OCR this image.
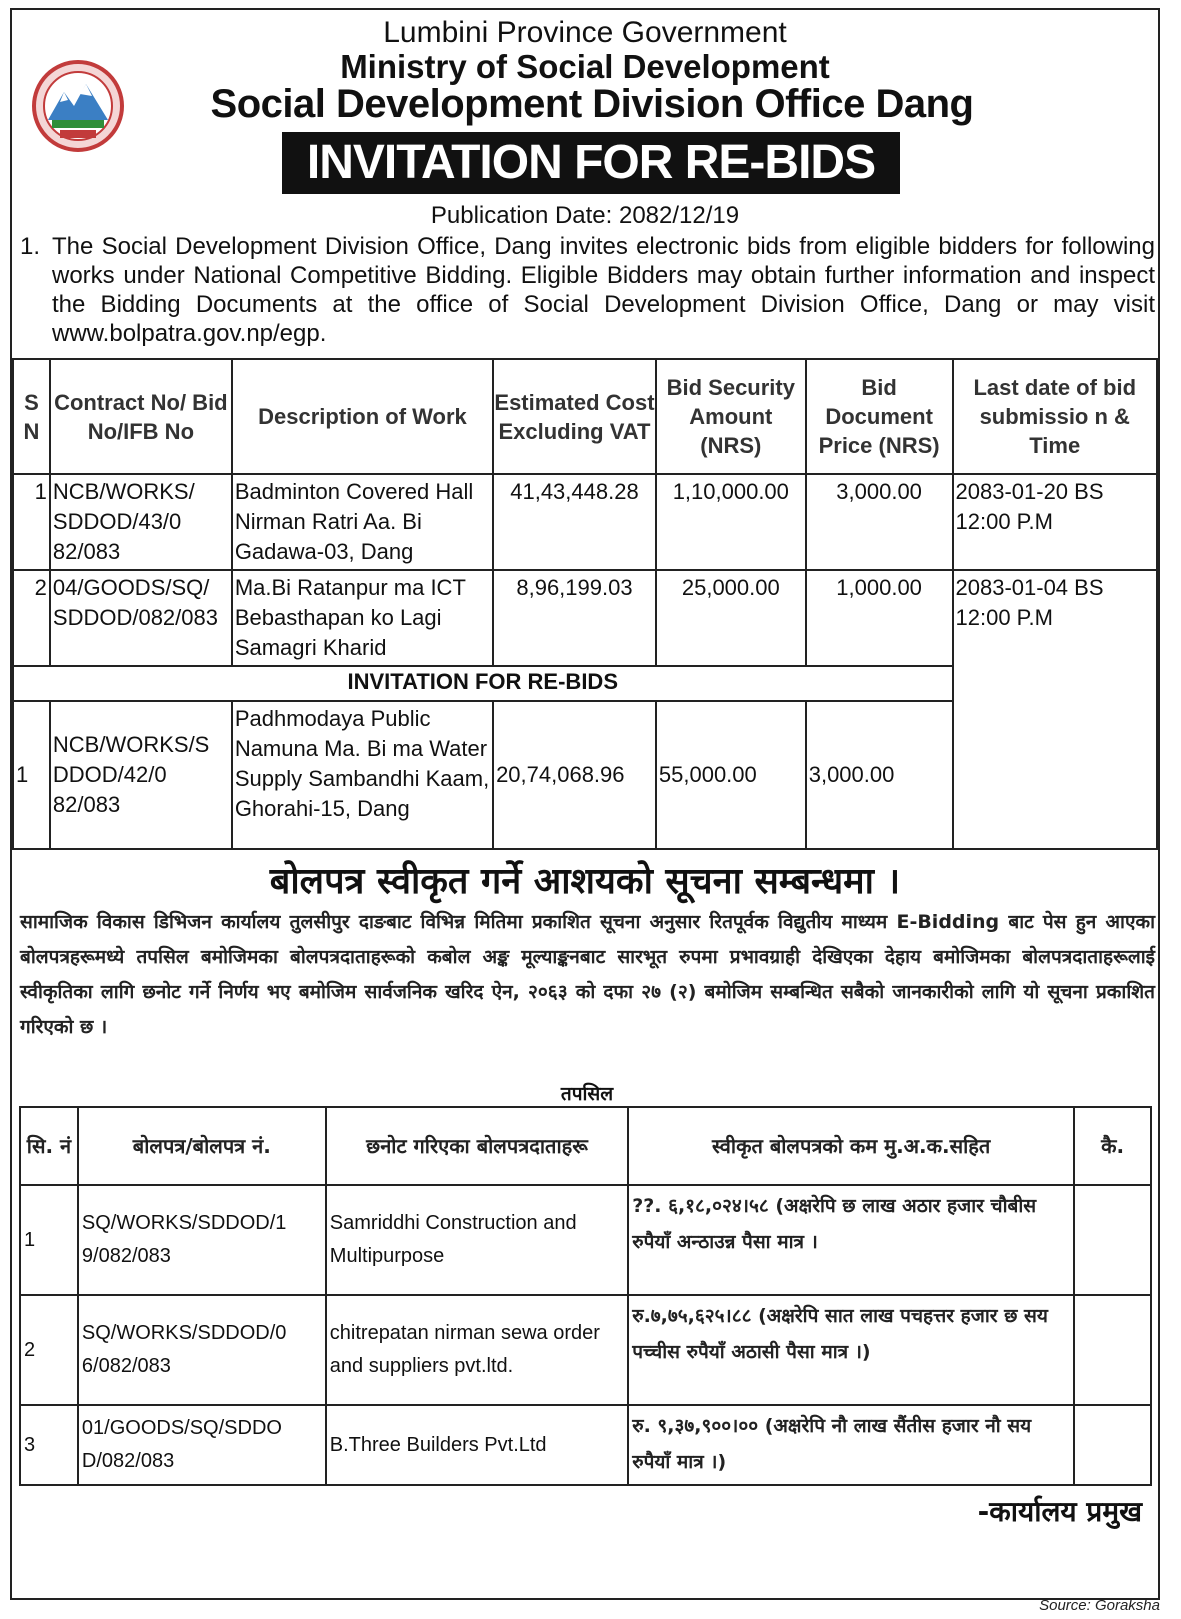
Lumbini Province Government
Ministry of Social Development
Social Development Division Office Dang
INVITATION FOR RE-BIDS
Publication Date: 2082/12/19
1. The Social Development Division Office, Dang invites electronic bids from eligible bidders for following works under National Competitive Bidding. Eligible Bidders may obtain further information and inspect the Bidding Documents at the office of Social Development Division Office, Dang or may visit www.bolpatra.gov.np/egp.
S N	Contract No/ Bid No/IFB No	Description of Work	Estimated Cost Excluding VAT	Bid Security Amount (NRS)	Bid Document Price (NRS)	Last date of bid submissio n & Time
1	NCB/WORKS/ SDDOD/43/0 82/083	Badminton Covered Hall Nirman Ratri Aa. Bi Gadawa-03, Dang	41,43,448.28	1,10,000.00	3,000.00	2083-01-20 BS 12:00 P.M
2	04/GOODS/SQ/ SDDOD/082/083	Ma.Bi Ratanpur ma ICT Bebasthapan ko Lagi Samagri Kharid	8,96,199.03	25,000.00	1,000.00	2083-01-04 BS 12:00 P.M
INVITATION FOR RE-BIDS						
1	NCB/WORKS/S DDOD/42/0 82/083	Padhmodaya Public Namuna Ma. Bi ma Water Supply Sambandhi Kaam, Ghorahi-15, Dang	20,74,068.96	55,000.00	3,000.00	
बोलपत्र स्वीकृत गर्ने आशयको सूचना सम्बन्धमा ।
सामाजिक विकास डिभिजन कार्यालय तुलसीपुर दाङबाट विभिन्न मितिमा प्रकाशित सूचना अनुसार रितपूर्वक विद्युतीय माध्यम E-Bidding बाट पेस हुन आएका बोलपत्रहरूमध्ये तपसिल बमोजिमका बोलपत्रदाताहरूको कबोल अङ्क मूल्याङ्कनबाट सारभूत रुपमा प्रभावग्राही देखिएका देहाय बमोजिमका बोलपत्रदाताहरूलाई स्वीकृतिका लागि छनोट गर्ने निर्णय भए बमोजिम सार्वजनिक खरिद ऐन, २०६३ को दफा २७ (२) बमोजिम सम्बन्धित सबैको जानकारीको लागि यो सूचना प्रकाशित गरिएको छ ।
तपसिल
सि. नं	बोलपत्र/बोलपत्र नं.	छनोट गरिएका बोलपत्रदाताहरू	स्वीकृत बोलपत्रको कम मु.अ.क.सहित	कै.
1	SQ/WORKS/SDDOD/1 9/082/083	Samriddhi Construction and Multipurpose	??. ६,१८,०२४।५८ (अक्षरेपि छ लाख अठार हजार चौबीस रुपैयाँ अन्ठाउन्न पैसा मात्र ।	
2	SQ/WORKS/SDDOD/0 6/082/083	chitrepatan nirman sewa order and suppliers pvt.ltd.	रु.७,७५,६२५।८८ (अक्षरेपि सात लाख पचहत्तर हजार छ सय पच्चीस रुपैयाँ अठासी पैसा मात्र ।)	
3	01/GOODS/SQ/SDDO D/082/083	B.Three Builders Pvt.Ltd	रु. ९,३७,९००।०० (अक्षरेपि नौ लाख सैंतीस हजार नौ सय रुपैयाँ मात्र ।)	
-कार्यालय प्रमुख
Source: Goraksha
